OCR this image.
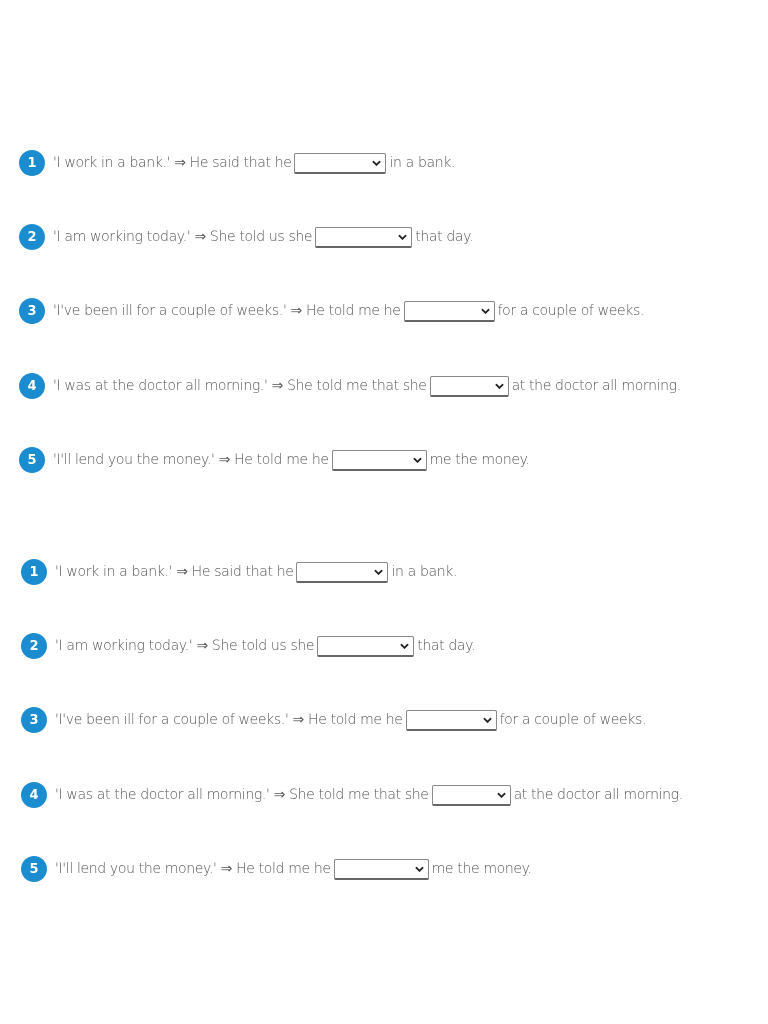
1	'I work in a bank.' ⇒ He said that he	in a bank.
2	'I am working today.' ⇒ She told us she	that day.
3	'I've been ill for a couple of weeks.' ⇒ He told me he	for a couple of weeks.
4	'I was at the doctor all morning.' ⇒ She told me that she	at the doctor all morning.
5	'I'll lend you the money.' ⇒ He told me he	me the money.
1	'I work in a bank.' ⇒ He said that he	in a bank.
2	'I am working today.' ⇒ She told us she	that day.
3	'I've been ill for a couple of weeks.' ⇒ He told me he	for a couple of weeks.
4	'I was at the doctor all morning.' ⇒ She told me that she	at the doctor all morning.
5	'I'll lend you the money.' ⇒ He told me he	me the money.
